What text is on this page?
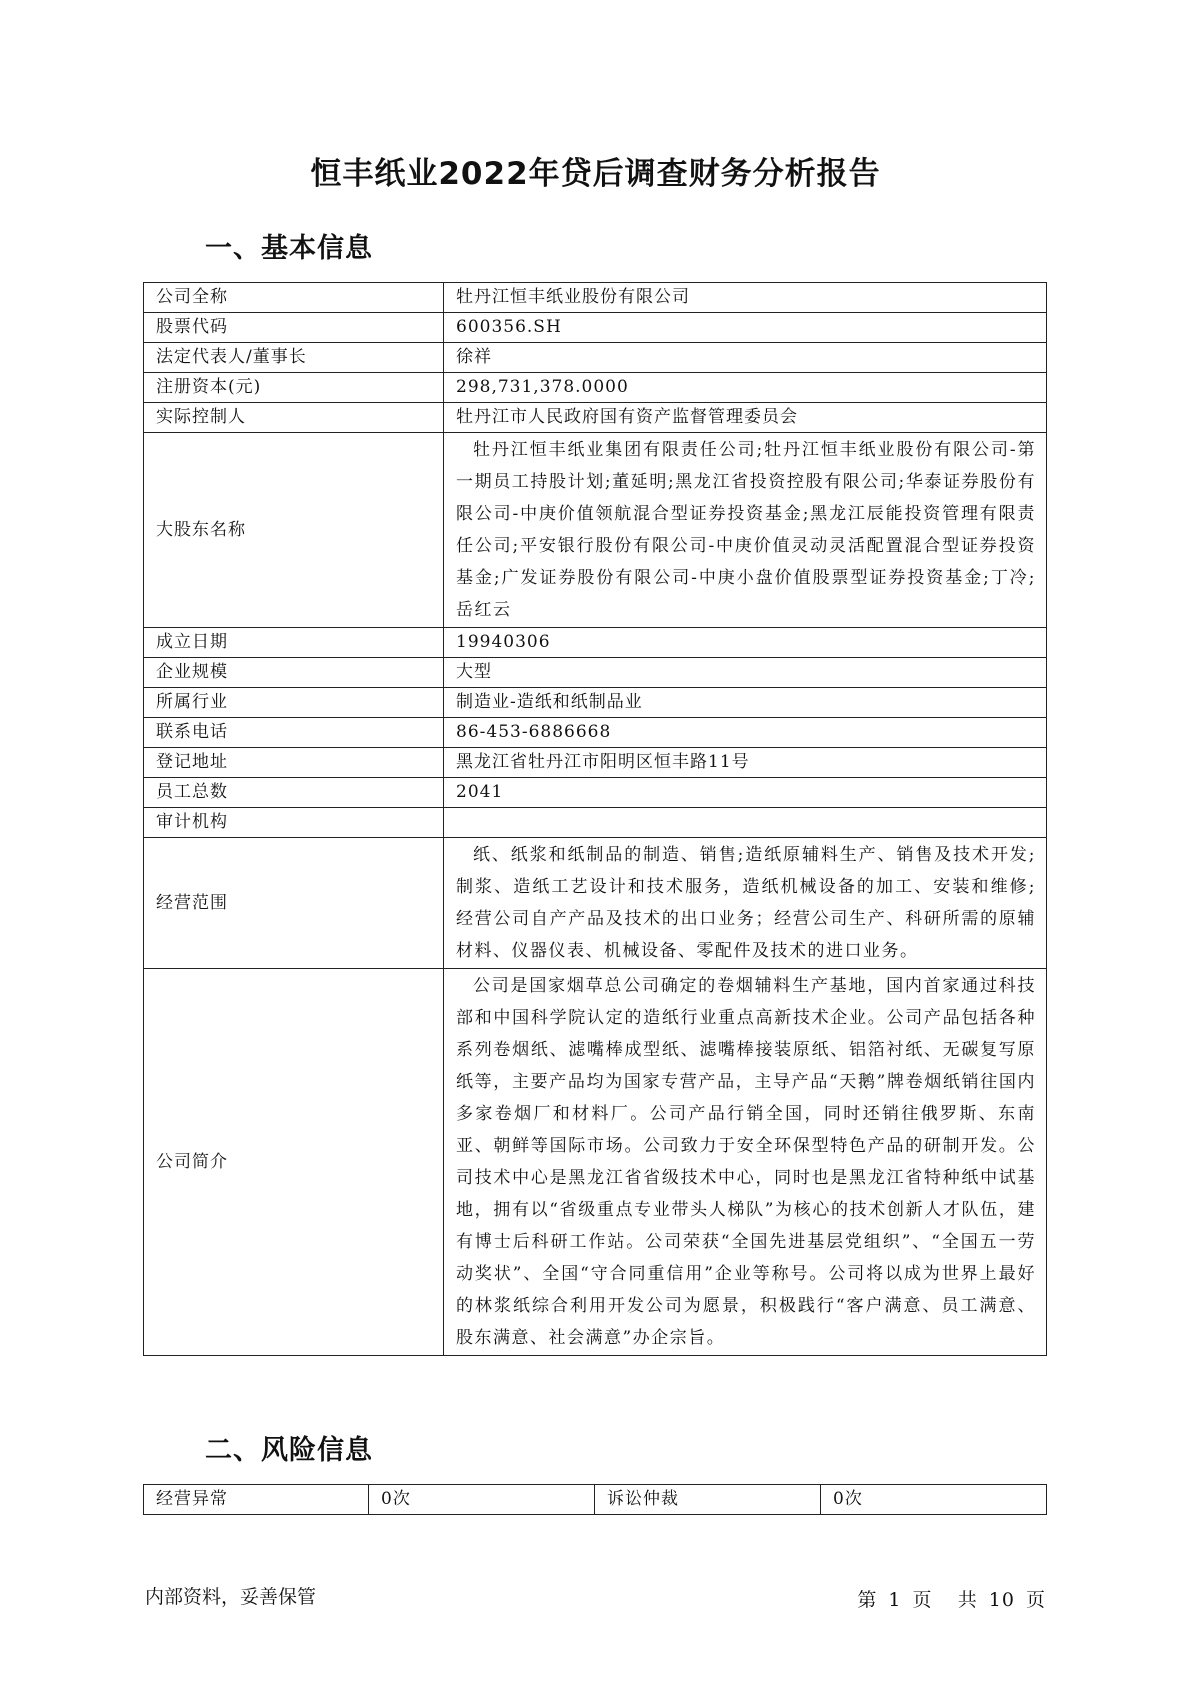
恒丰纸业2022年贷后调查财务分析报告
一、基本信息
公司全称	牡丹江恒丰纸业股份有限公司
股票代码	600356.SH
法定代表人/董事长	徐祥
注册资本(元)	298,731,378.0000
实际控制人	牡丹江市人民政府国有资产监督管理委员会
大股东名称	牡丹江恒丰纸业集团有限责任公司;牡丹江恒丰纸业股份有限公司-第一期员工持股计划;董延明;黑龙江省投资控股有限公司;华泰证券股份有限公司-中庚价值领航混合型证券投资基金;黑龙江辰能投资管理有限责任公司;平安银行股份有限公司-中庚价值灵动灵活配置混合型证券投资基金;广发证券股份有限公司-中庚小盘价值股票型证券投资基金;丁冷;岳红云
成立日期	19940306
企业规模	大型
所属行业	制造业-造纸和纸制品业
联系电话	86-453-6886668
登记地址	黑龙江省牡丹江市阳明区恒丰路11号
员工总数	2041
审计机构	
经营范围	纸、纸浆和纸制品的制造、销售;造纸原辅料生产、销售及技术开发;制浆、造纸工艺设计和技术服务，造纸机械设备的加工、安装和维修;经营公司自产产品及技术的出口业务；经营公司生产、科研所需的原辅材料、仪器仪表、机械设备、零配件及技术的进口业务。
公司简介	公司是国家烟草总公司确定的卷烟辅料生产基地，国内首家通过科技部和中国科学院认定的造纸行业重点高新技术企业。公司产品包括各种系列卷烟纸、滤嘴棒成型纸、滤嘴棒接装原纸、铝箔衬纸、无碳复写原纸等，主要产品均为国家专营产品，主导产品“天鹅”牌卷烟纸销往国内多家卷烟厂和材料厂。公司产品行销全国，同时还销往俄罗斯、东南亚、朝鲜等国际市场。公司致力于安全环保型特色产品的研制开发。公司技术中心是黑龙江省省级技术中心，同时也是黑龙江省特种纸中试基地，拥有以“省级重点专业带头人梯队”为核心的技术创新人才队伍，建有博士后科研工作站。公司荣获“全国先进基层党组织”、“全国五一劳动奖状”、全国“守合同重信用”企业等称号。公司将以成为世界上最好的林浆纸综合利用开发公司为愿景，积极践行“客户满意、员工满意、股东满意、社会满意”办企宗旨。
二、风险信息
经营异常	0次	诉讼仲裁	0次
内部资料，妥善保管	第 1 页 共 10 页
